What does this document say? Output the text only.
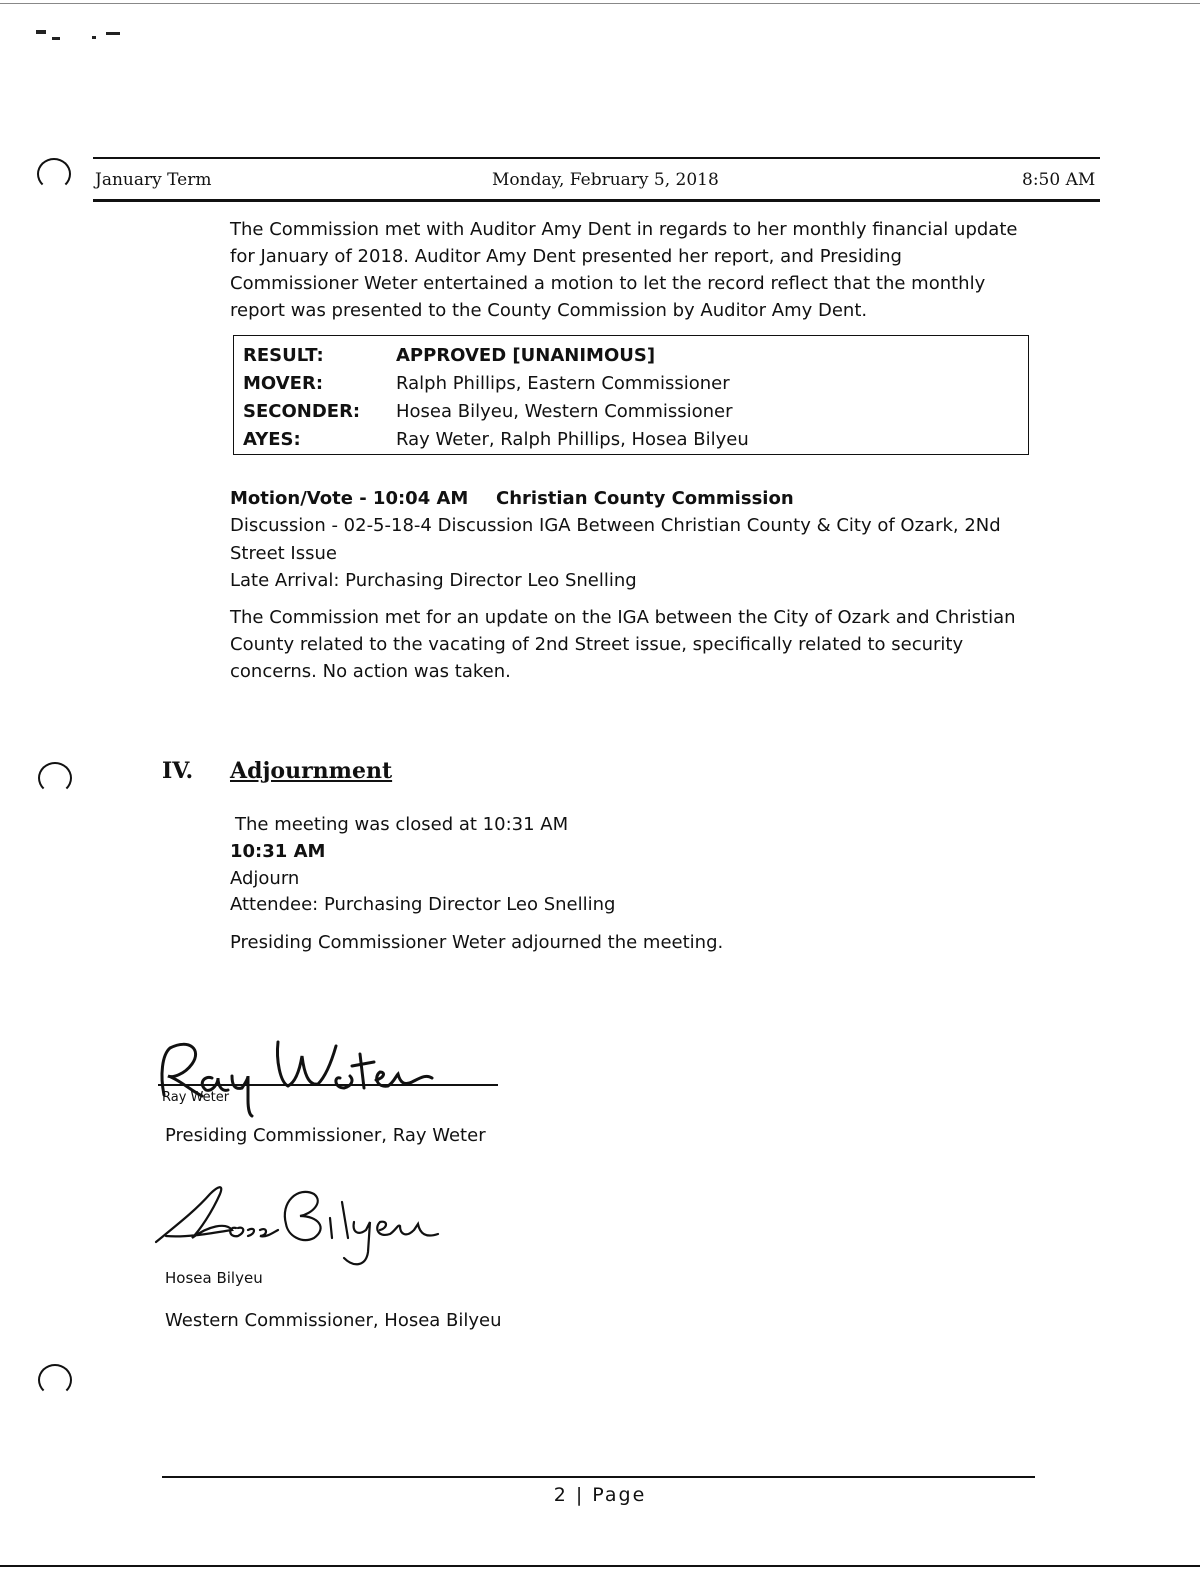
January Term	Monday, February 5, 2018	8:50 AM
The Commission met with Auditor Amy Dent in regards to her monthly financial update
for January of 2018. Auditor Amy Dent presented her report, and Presiding
Commissioner Weter entertained a motion to let the record reflect that the monthly
report was presented to the County Commission by Auditor Amy Dent.
RESULT:	APPROVED [UNANIMOUS]
MOVER:	Ralph Phillips, Eastern Commissioner
SECONDER:	Hosea Bilyeu, Western Commissioner
AYES:	Ray Weter, Ralph Phillips, Hosea Bilyeu
Motion/Vote - 10:04 AM Christian County Commission
Discussion - 02-5-18-4 Discussion IGA Between Christian County & City of Ozark, 2Nd
Street Issue
Late Arrival: Purchasing Director Leo Snelling
The Commission met for an update on the IGA between the City of Ozark and Christian
County related to the vacating of 2nd Street issue, specifically related to security
concerns. No action was taken.
IV. Adjournment
The meeting was closed at 10:31 AM
10:31 AM
Adjourn
Attendee: Purchasing Director Leo Snelling
Presiding Commissioner Weter adjourned the meeting.
Ray Weter
Presiding Commissioner, Ray Weter
Hosea Bilyeu
Western Commissioner, Hosea Bilyeu
2 | Page
